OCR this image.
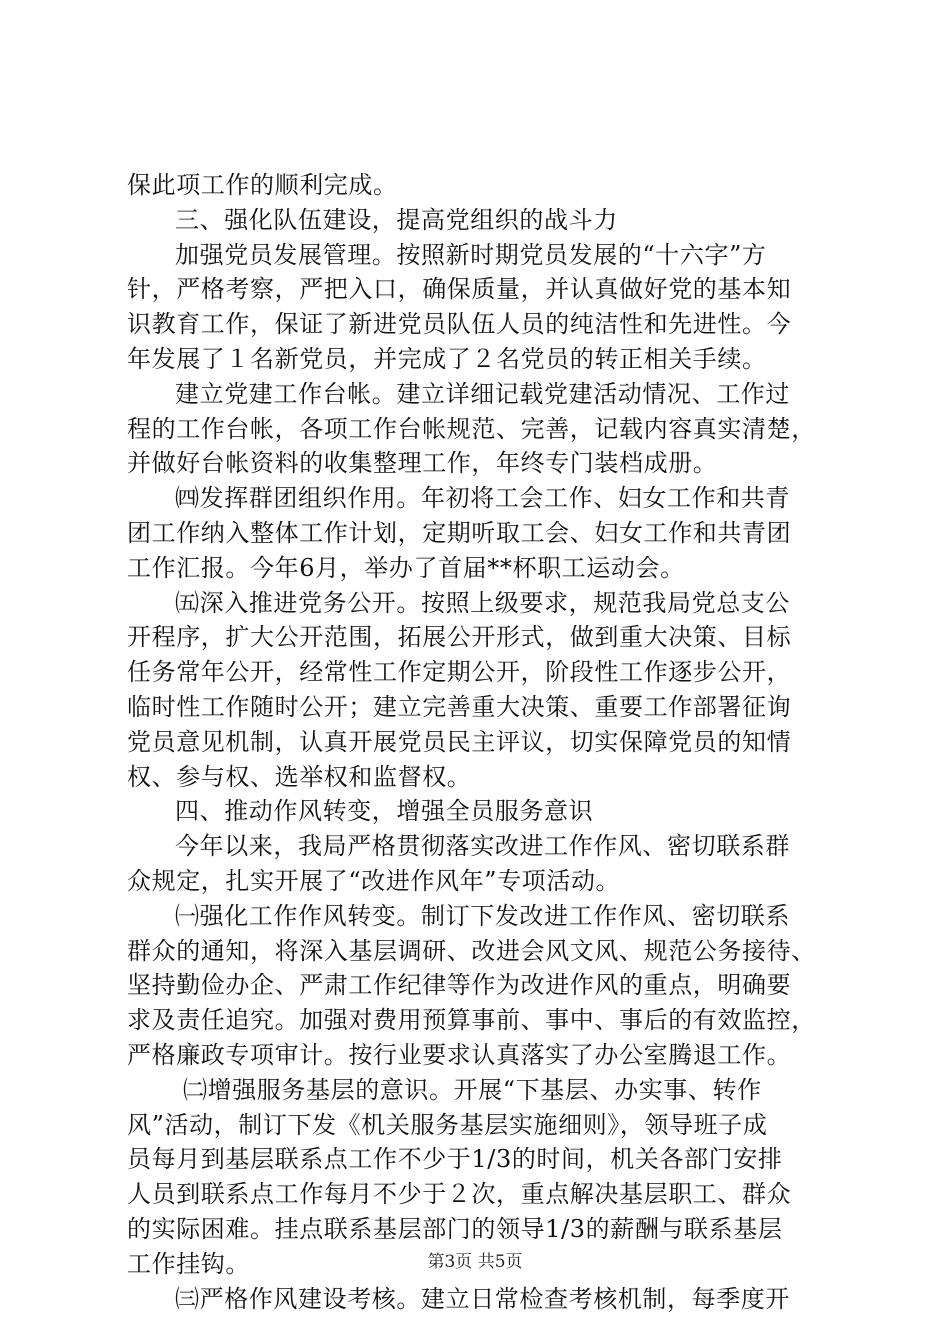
保此项工作的顺利完成。
三、强化队伍建设，提高党组织的战斗力
加强党员发展管理。按照新时期党员发展的“十六字”方
针，严格考察，严把入口，确保质量，并认真做好党的基本知
识教育工作，保证了新进党员队伍人员的纯洁性和先进性。今
年发展了１名新党员，并完成了２名党员的转正相关手续。
建立党建工作台帐。建立详细记载党建活动情况、工作过
程的工作台帐，各项工作台帐规范、完善，记载内容真实清楚，
并做好台帐资料的收集整理工作，年终专门装档成册。
㈣发挥群团组织作用。年初将工会工作、妇女工作和共青
团工作纳入整体工作计划，定期听取工会、妇女工作和共青团
工作汇报。今年6月，举办了首届**杯职工运动会。
㈤深入推进党务公开。按照上级要求，规范我局党总支公
开程序，扩大公开范围，拓展公开形式，做到重大决策、目标
任务常年公开，经常性工作定期公开，阶段性工作逐步公开，
临时性工作随时公开；建立完善重大决策、重要工作部署征询
党员意见机制，认真开展党员民主评议，切实保障党员的知情
权、参与权、选举权和监督权。
四、推动作风转变，增强全员服务意识
今年以来，我局严格贯彻落实改进工作作风、密切联系群
众规定，扎实开展了“改进作风年”专项活动。
㈠强化工作作风转变。制订下发改进工作作风、密切联系
群众的通知，将深入基层调研、改进会风文风、规范公务接待、
坚持勤俭办企、严肃工作纪律等作为改进作风的重点，明确要
求及责任追究。加强对费用预算事前、事中、事后的有效监控，
严格廉政专项审计。按行业要求认真落实了办公室腾退工作。
㈡增强服务基层的意识。开展“下基层、办实事、转作
风”活动，制订下发《机关服务基层实施细则》，领导班子成
员每月到基层联系点工作不少于1/3的时间，机关各部门安排
人员到联系点工作每月不少于２次，重点解决基层职工、群众
的实际困难。挂点联系基层部门的领导1/3的薪酬与联系基层
工作挂钩。
㈢严格作风建设考核。建立日常检查考核机制，每季度开
第3页 共5页
